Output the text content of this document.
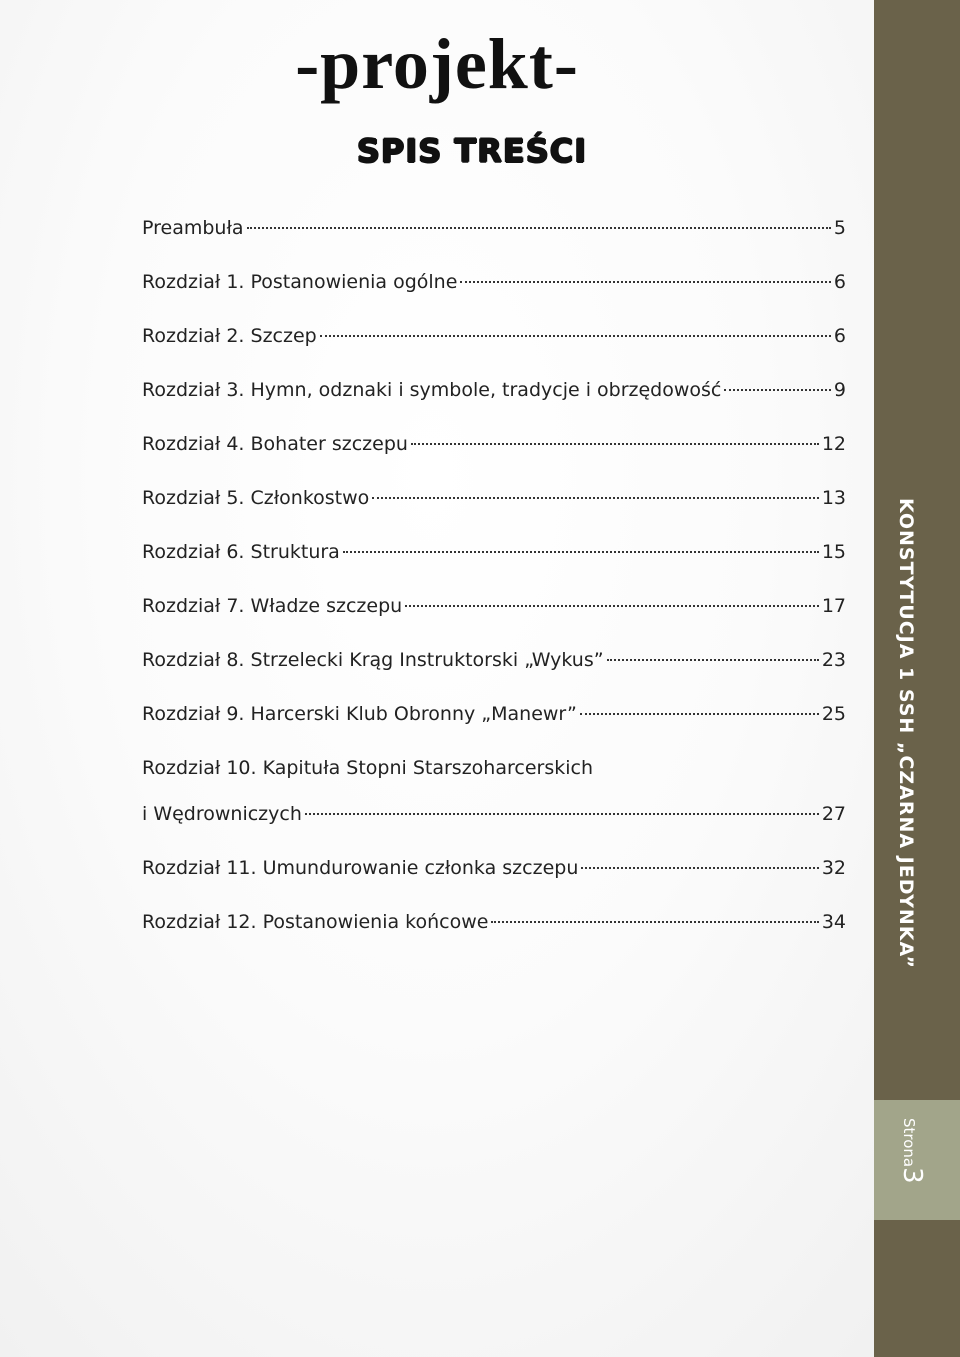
-projekt-
SPIS TREŚCI
Preambuła	5
Rozdział 1. Postanowienia ogólne	6
Rozdział 2. Szczep	6
Rozdział 3. Hymn, odznaki i symbole, tradycje i obrzędowość	9
Rozdział 4. Bohater szczepu	12
Rozdział 5. Członkostwo	13
Rozdział 6. Struktura	15
Rozdział 7. Władze szczepu	17
Rozdział 8. Strzelecki Krąg Instruktorski „Wykus”	23
Rozdział 9. Harcerski Klub Obronny „Manewr”	25
Rozdział 10. Kapituła Stopni Starszoharcerskich
i Wędrowniczych	27
Rozdział 11. Umundurowanie członka szczepu	32
Rozdział 12. Postanowienia końcowe	34	KONSTYTUCJA 1 SSH „CZARNA JEDYNKA”
Strona3
